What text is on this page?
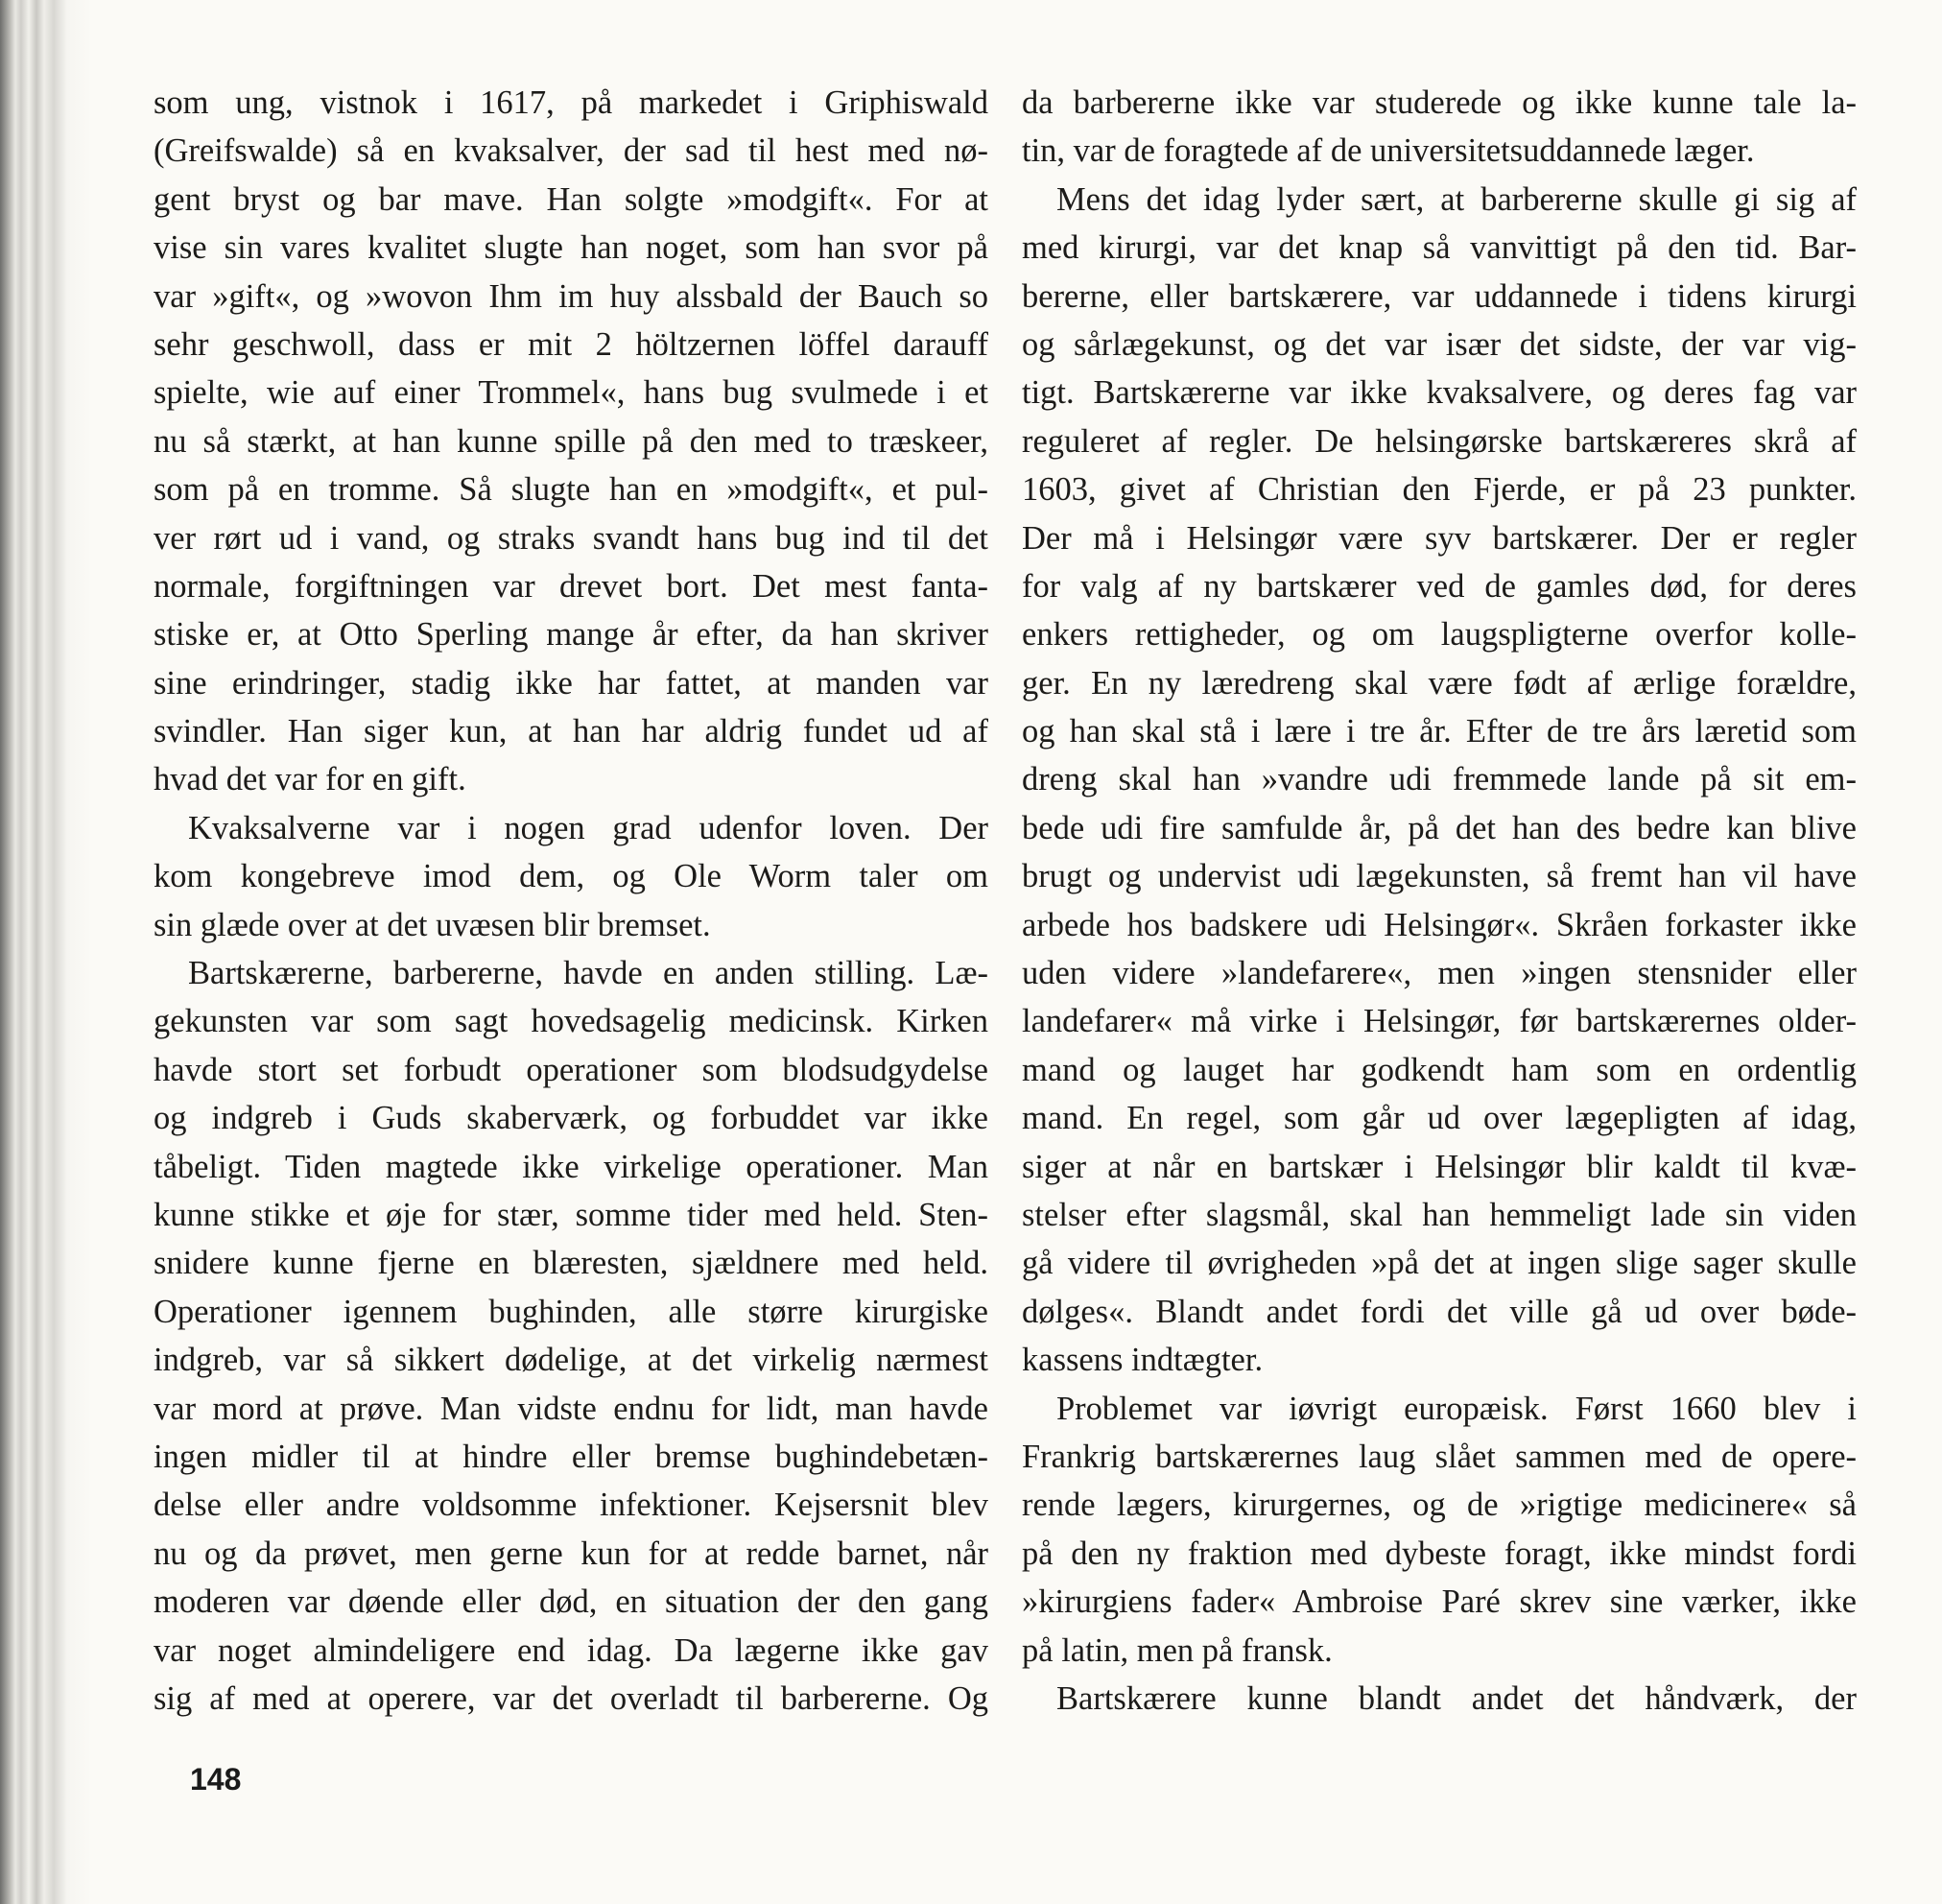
som ung, vistnok i 1617, på markedet i Griphiswald
(Greifswalde) så en kvaksalver, der sad til hest med nø-
gent bryst og bar mave. Han solgte »modgift«. For at
vise sin vares kvalitet slugte han noget, som han svor på
var »gift«, og »wovon Ihm im huy alssbald der Bauch so
sehr geschwoll, dass er mit 2 höltzernen löffel darauff
spielte, wie auf einer Trommel«, hans bug svulmede i et
nu så stærkt, at han kunne spille på den med to træskeer,
som på en tromme. Så slugte han en »modgift«, et pul-
ver rørt ud i vand, og straks svandt hans bug ind til det
normale, forgiftningen var drevet bort. Det mest fanta-
stiske er, at Otto Sperling mange år efter, da han skriver
sine erindringer, stadig ikke har fattet, at manden var
svindler. Han siger kun, at han har aldrig fundet ud af
hvad det var for en gift.
Kvaksalverne var i nogen grad udenfor loven. Der
kom kongebreve imod dem, og Ole Worm taler om
sin glæde over at det uvæsen blir bremset.
Bartskærerne, barbererne, havde en anden stilling. Læ-
gekunsten var som sagt hovedsagelig medicinsk. Kirken
havde stort set forbudt operationer som blodsudgydelse
og indgreb i Guds skaberværk, og forbuddet var ikke
tåbeligt. Tiden magtede ikke virkelige operationer. Man
kunne stikke et øje for stær, somme tider med held. Sten-
snidere kunne fjerne en blæresten, sjældnere med held.
Operationer igennem bughinden, alle større kirurgiske
indgreb, var så sikkert dødelige, at det virkelig nærmest
var mord at prøve. Man vidste endnu for lidt, man havde
ingen midler til at hindre eller bremse bughindebetæn-
delse eller andre voldsomme infektioner. Kejsersnit blev
nu og da prøvet, men gerne kun for at redde barnet, når
moderen var døende eller død, en situation der den gang
var noget almindeligere end idag. Da lægerne ikke gav
sig af med at operere, var det overladt til barbererne. Og
da barbererne ikke var studerede og ikke kunne tale la-
tin, var de foragtede af de universitetsuddannede læger.
Mens det idag lyder sært, at barbererne skulle gi sig af
med kirurgi, var det knap så vanvittigt på den tid. Bar-
bererne, eller bartskærere, var uddannede i tidens kirurgi
og sårlægekunst, og det var især det sidste, der var vig-
tigt. Bartskærerne var ikke kvaksalvere, og deres fag var
reguleret af regler. De helsingørske bartskæreres skrå af
1603, givet af Christian den Fjerde, er på 23 punkter.
Der må i Helsingør være syv bartskærer. Der er regler
for valg af ny bartskærer ved de gamles død, for deres
enkers rettigheder, og om laugspligterne overfor kolle-
ger. En ny læredreng skal være født af ærlige forældre,
og han skal stå i lære i tre år. Efter de tre års læretid som
dreng skal han »vandre udi fremmede lande på sit em-
bede udi fire samfulde år, på det han des bedre kan blive
brugt og undervist udi lægekunsten, så fremt han vil have
arbede hos badskere udi Helsingør«. Skråen forkaster ikke
uden videre »landefarere«, men »ingen stensnider eller
landefarer« må virke i Helsingør, før bartskærernes older-
mand og lauget har godkendt ham som en ordentlig
mand. En regel, som går ud over lægepligten af idag,
siger at når en bartskær i Helsingør blir kaldt til kvæ-
stelser efter slagsmål, skal han hemmeligt lade sin viden
gå videre til øvrigheden »på det at ingen slige sager skulle
dølges«. Blandt andet fordi det ville gå ud over bøde-
kassens indtægter.
Problemet var iøvrigt europæisk. Først 1660 blev i
Frankrig bartskærernes laug slået sammen med de opere-
rende lægers, kirurgernes, og de »rigtige medicinere« så
på den ny fraktion med dybeste foragt, ikke mindst fordi
»kirurgiens fader« Ambroise Paré skrev sine værker, ikke
på latin, men på fransk.
Bartskærere kunne blandt andet det håndværk, der
148
